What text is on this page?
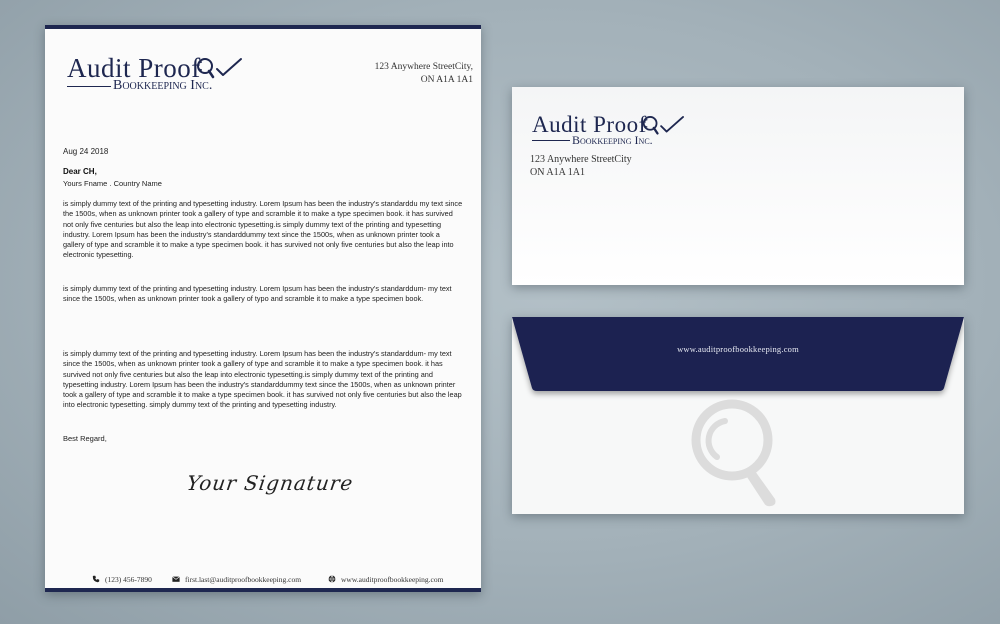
Audit Proof
Bookkeeping Inc.
123 Anywhere StreetCity,
ON A1A 1A1
Aug 24 2018
Dear CH,
Yours Fname . Country Name

is simply dummy text of the printing and typesetting industry. Lorem Ipsum has been the industry's standarddu my text since the 1500s, when as unknown printer took a gallery of type and scramble it to make a type specimen book. it has survived not only five centuries but also the leap into electronic typesetting.is simply dummy text of the printing and typesetting industry. Lorem Ipsum has been the industry's standarddummy text since the 1500s, when as unknown printer took a gallery of type and scramble it to make a type specimen book. it has survived not only five centuries but also the leap into electronic typesetting.

is simply dummy text of the printing and typesetting industry. Lorem Ipsum has been the industry's standarddum- my text since the 1500s, when as unknown printer took a gallery of typo and scramble it to make a type specimen book.

is simply dummy text of the printing and typesetting industry. Lorem Ipsum has been the industry's standarddum- my text since the 1500s, when as unknown printer took a gallery of type and scramble it to make a type specimen book. it has survived not only five centuries but also the leap into electronic typesetting.is simply dummy text of the printing and typesetting industry. Lorem Ipsum has been the industry's standarddummy text since the 1500s, when as unknown printer took a gallery of type and scramble it to make a type specimen book. it has survived not only five centuries but also the leap into electronic typesetting. simply dummy text of the printing and typesetting industry.

Best Regard,
Your Signature
(123) 456-7890	first.last@auditproofbookkeeping.com	www.auditproofbookkeeping.com
Audit Proof
Bookkeeping Inc.
123 Anywhere StreetCity
ON A1A 1A1
www.auditproofbookkeeping.com
